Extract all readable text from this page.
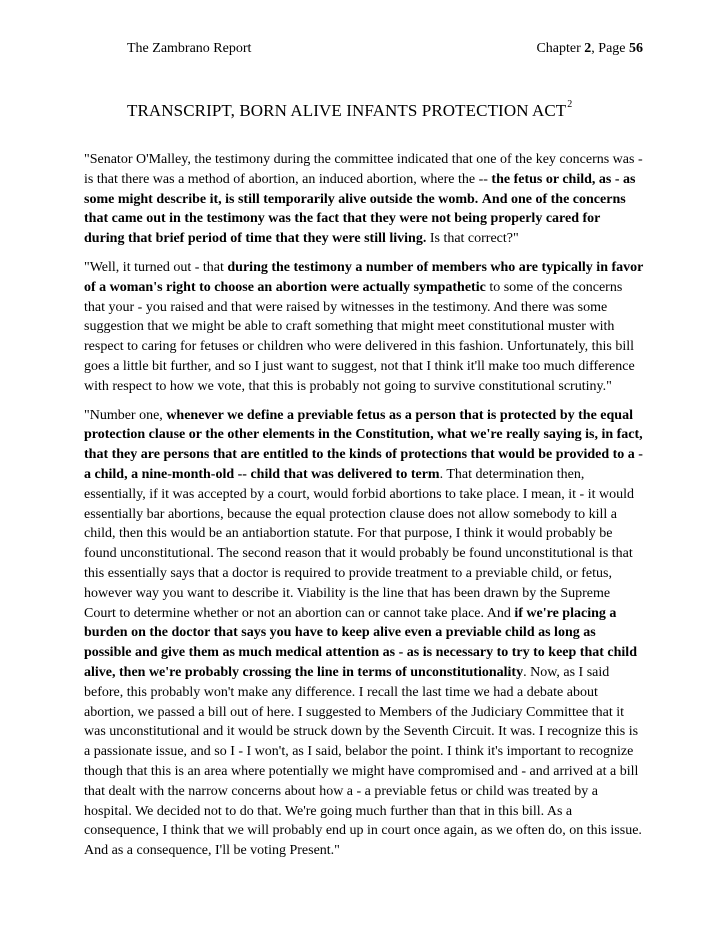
The Zambrano Report	Chapter 2, Page 56
TRANSCRIPT, BORN ALIVE INFANTS PROTECTION ACT$^2$

"Senator O'Malley, the testimony during the committee indicated that one of the key concerns was - is that there was a method of abortion, an induced abortion, where the -- the fetus or child, as - as some might describe it, is still temporarily alive outside the womb. And one of the concerns that came out in the testimony was the fact that they were not being properly cared for during that brief period of time that they were still living. Is that correct?"

"Well, it turned out - that during the testimony a number of members who are typically in favor of a woman's right to choose an abortion were actually sympathetic to some of the concerns that your - you raised and that were raised by witnesses in the testimony. And there was some suggestion that we might be able to craft something that might meet constitutional muster with respect to caring for fetuses or children who were delivered in this fashion. Unfortunately, this bill goes a little bit further, and so I just want to suggest, not that I think it'll make too much difference with respect to how we vote, that this is probably not going to survive constitutional scrutiny."

"Number one, whenever we define a previable fetus as a person that is protected by the equal protection clause or the other elements in the Constitution, what we're really saying is, in fact, that they are persons that are entitled to the kinds of protections that would be provided to a - a child, a nine-month-old -- child that was delivered to term. That determination then, essentially, if it was accepted by a court, would forbid abortions to take place. I mean, it - it would essentially bar abortions, because the equal protection clause does not allow somebody to kill a child, then this would be an antiabortion statute. For that purpose, I think it would probably be found unconstitutional. The second reason that it would probably be found unconstitutional is that this essentially says that a doctor is required to provide treatment to a previable child, or fetus, however way you want to describe it. Viability is the line that has been drawn by the Supreme Court to determine whether or not an abortion can or cannot take place. And if we're placing a burden on the doctor that says you have to keep alive even a previable child as long as possible and give them as much medical attention as - as is necessary to try to keep that child alive, then we're probably crossing the line in terms of unconstitutionality. Now, as I said before, this probably won't make any difference. I recall the last time we had a debate about abortion, we passed a bill out of here. I suggested to Members of the Judiciary Committee that it was unconstitutional and it would be struck down by the Seventh Circuit. It was. I recognize this is a passionate issue, and so I - I won't, as I said, belabor the point. I think it's important to recognize though that this is an area where potentially we might have compromised and - and arrived at a bill that dealt with the narrow concerns about how a - a previable fetus or child was treated by a hospital. We decided not to do that. We're going much further than that in this bill. As a consequence, I think that we will probably end up in court once again, as we often do, on this issue. And as a consequence, I'll be voting Present."
